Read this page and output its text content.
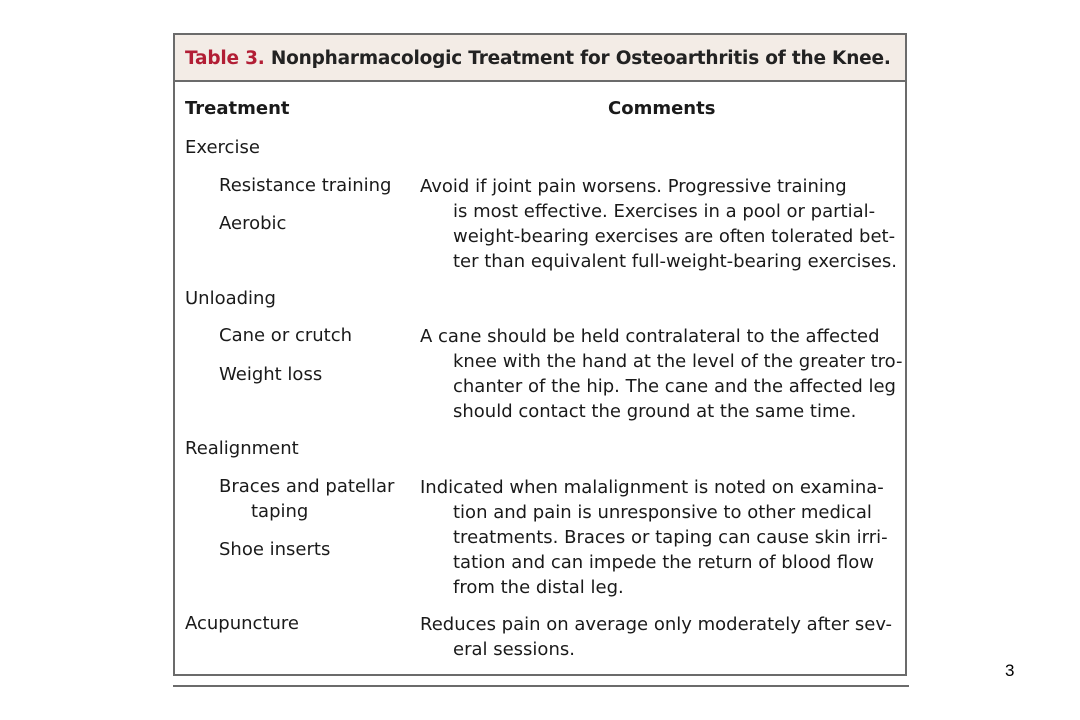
Table 3. Nonpharmacologic Treatment for Osteoarthritis of the Knee.
Treatment	Comments
Exercise
Resistance training
Aerobic
Avoid if joint pain worsens. Progressive training
is most effective. Exercises in a pool or partial-
weight-bearing exercises are often tolerated bet-
ter than equivalent full-weight-bearing exercises.
Unloading
Cane or crutch
Weight loss
A cane should be held contralateral to the affected
knee with the hand at the level of the greater tro-
chanter of the hip. The cane and the affected leg
should contact the ground at the same time.
Realignment
Braces and patellar
taping
Shoe inserts
Indicated when malalignment is noted on examina-
tion and pain is unresponsive to other medical
treatments. Braces or taping can cause skin irri-
tation and can impede the return of blood flow
from the distal leg.
Acupuncture	Reduces pain on average only moderately after sev-
eral sessions.
3
